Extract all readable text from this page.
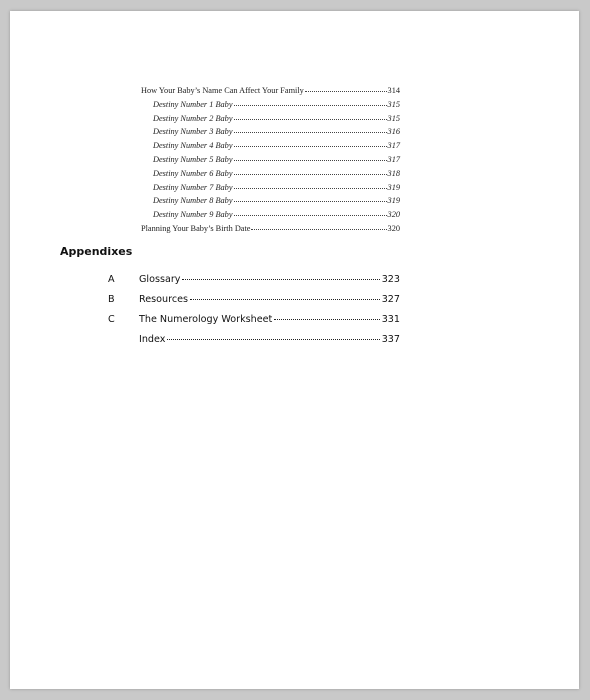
How Your Baby’s Name Can Affect Your Family	314
Destiny Number 1 Baby	315
Destiny Number 2 Baby	315
Destiny Number 3 Baby	316
Destiny Number 4 Baby	317
Destiny Number 5 Baby	317
Destiny Number 6 Baby	318
Destiny Number 7 Baby	319
Destiny Number 8 Baby	319
Destiny Number 9 Baby	320
Planning Your Baby’s Birth Date	320
Appendixes
A	Glossary	323
B	Resources	327
C	The Numerology Worksheet	331
Index	337
